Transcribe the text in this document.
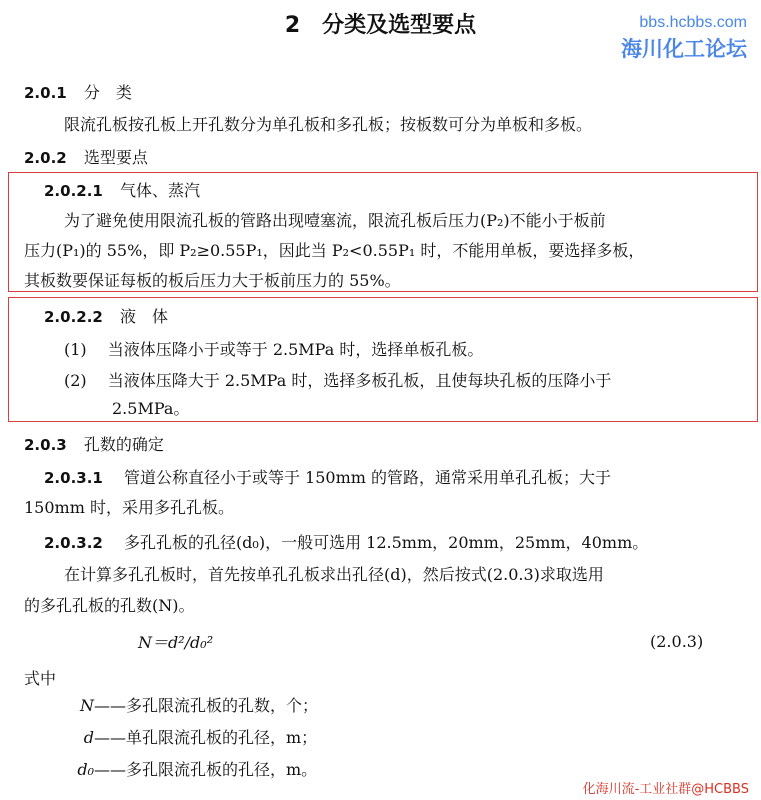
2　分类及选型要点	bbs.hcbbs.com
海川化工论坛
2.0.1 分　类
限流孔板按孔板上开孔数分为单孔板和多孔板；按板数可分为单板和多板。
2.0.2 选型要点
2.0.2.1 气体、蒸汽
为了避免使用限流孔板的管路出现噎塞流，限流孔板后压力(P₂)不能小于板前
压力(P₁)的 55%，即 P₂≥0.55P₁，因此当 P₂<0.55P₁ 时，不能用单板，要选择多板，
其板数要保证每板的板后压力大于板前压力的 55%。
2.0.2.2 液　体
(1) 当液体压降小于或等于 2.5MPa 时，选择单板孔板。
(2) 当液体压降大于 2.5MPa 时，选择多板孔板，且使每块孔板的压降小于
2.5MPa。
2.0.3 孔数的确定
2.0.3.1 管道公称直径小于或等于 150mm 的管路，通常采用单孔孔板；大于
150mm 时，采用多孔孔板。
2.0.3.2 多孔孔板的孔径(d₀)，一般可选用 12.5mm，20mm，25mm，40mm。
在计算多孔孔板时，首先按单孔孔板求出孔径(d)，然后按式(2.0.3)求取选用
的多孔孔板的孔数(N)。
N＝d²/d₀²	(2.0.3)
式中
N——多孔限流孔板的孔数，个；
d——单孔限流孔板的孔径，m；
d₀——多孔限流孔板的孔径，m。
化海川流-工业社群@HCBBS
